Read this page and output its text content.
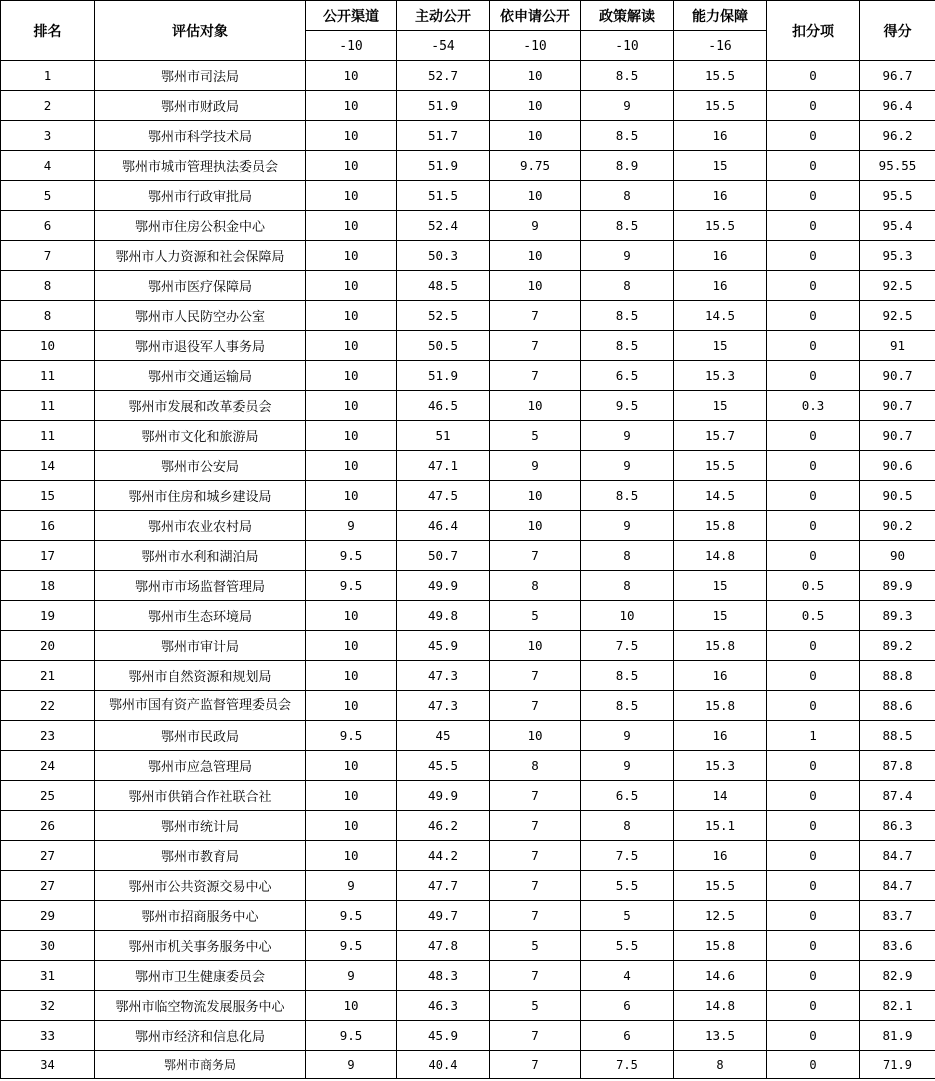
排名	评估对象	公开渠道	主动公开	依申请公开	政策解读	能力保障	扣分项	得分
		-10	-54	-10	-10	-16		
1	鄂州市司法局	10	52.7	10	8.5	15.5	0	96.7
2	鄂州市财政局	10	51.9	10	9	15.5	0	96.4
3	鄂州市科学技术局	10	51.7	10	8.5	16	0	96.2
4	鄂州市城市管理执法委员会	10	51.9	9.75	8.9	15	0	95.55
5	鄂州市行政审批局	10	51.5	10	8	16	0	95.5
6	鄂州市住房公积金中心	10	52.4	9	8.5	15.5	0	95.4
7	鄂州市人力资源和社会保障局	10	50.3	10	9	16	0	95.3
8	鄂州市医疗保障局	10	48.5	10	8	16	0	92.5
8	鄂州市人民防空办公室	10	52.5	7	8.5	14.5	0	92.5
10	鄂州市退役军人事务局	10	50.5	7	8.5	15	0	91
11	鄂州市交通运输局	10	51.9	7	6.5	15.3	0	90.7
11	鄂州市发展和改革委员会	10	46.5	10	9.5	15	0.3	90.7
11	鄂州市文化和旅游局	10	51	5	9	15.7	0	90.7
14	鄂州市公安局	10	47.1	9	9	15.5	0	90.6
15	鄂州市住房和城乡建设局	10	47.5	10	8.5	14.5	0	90.5
16	鄂州市农业农村局	9	46.4	10	9	15.8	0	90.2
17	鄂州市水利和湖泊局	9.5	50.7	7	8	14.8	0	90
18	鄂州市市场监督管理局	9.5	49.9	8	8	15	0.5	89.9
19	鄂州市生态环境局	10	49.8	5	10	15	0.5	89.3
20	鄂州市审计局	10	45.9	10	7.5	15.8	0	89.2
21	鄂州市自然资源和规划局	10	47.3	7	8.5	16	0	88.8
22	鄂州市国有资产监督管理委员会	10	47.3	7	8.5	15.8	0	88.6
23	鄂州市民政局	9.5	45	10	9	16	1	88.5
24	鄂州市应急管理局	10	45.5	8	9	15.3	0	87.8
25	鄂州市供销合作社联合社	10	49.9	7	6.5	14	0	87.4
26	鄂州市统计局	10	46.2	7	8	15.1	0	86.3
27	鄂州市教育局	10	44.2	7	7.5	16	0	84.7
27	鄂州市公共资源交易中心	9	47.7	7	5.5	15.5	0	84.7
29	鄂州市招商服务中心	9.5	49.7	7	5	12.5	0	83.7
30	鄂州市机关事务服务中心	9.5	47.8	5	5.5	15.8	0	83.6
31	鄂州市卫生健康委员会	9	48.3	7	4	14.6	0	82.9
32	鄂州市临空物流发展服务中心	10	46.3	5	6	14.8	0	82.1
33	鄂州市经济和信息化局	9.5	45.9	7	6	13.5	0	81.9
34	鄂州市商务局	9	40.4	7	7.5	8	0	71.9
